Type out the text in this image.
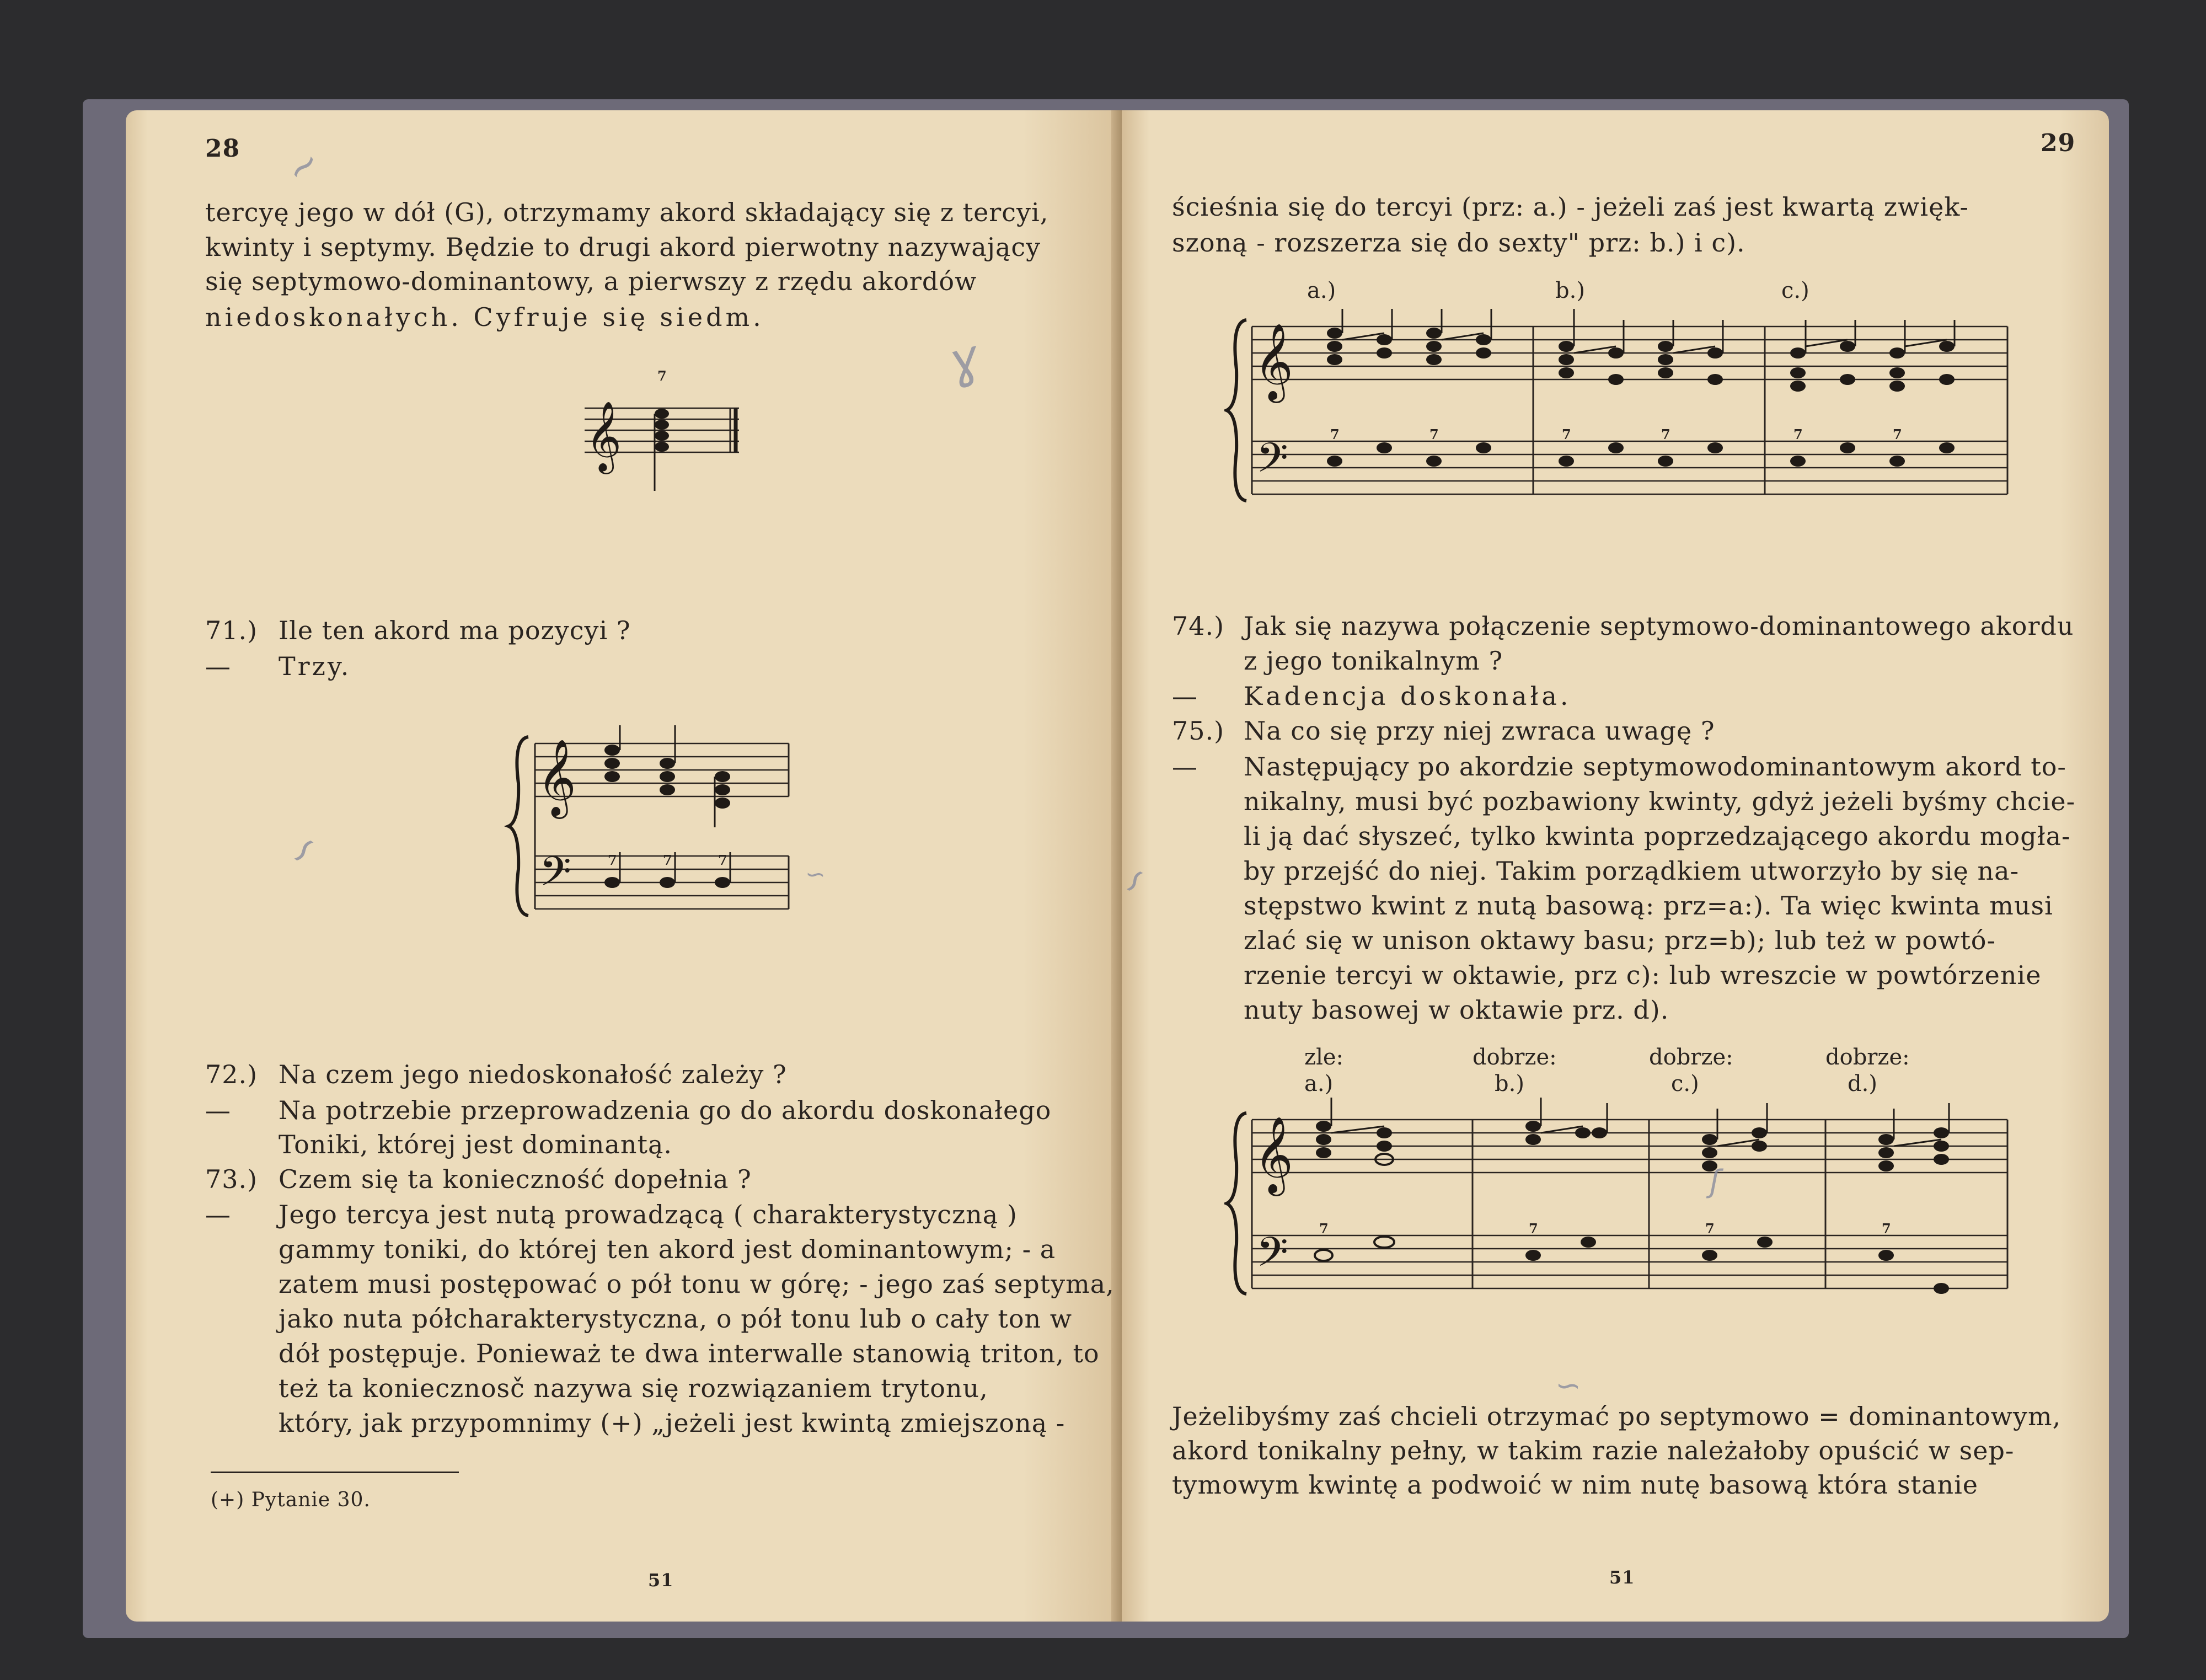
28
tercyę jego w dół (G), otrzymamy akord składający się z tercyi,
kwinty i septymy. Będzie to drugi akord pierwotny nazywający
się septymowo-dominantowy, a pierwszy z rzędu akordów
niedoskonałych. Cyfruje się siedm.
𝄞
7
71.) Ile ten akord ma pozycyi ?
— Trzy.
𝄞
𝄢	7	7	7
72.) Na czem jego niedoskonałość zależy ?
— Na potrzebie przeprowadzenia go do akordu doskonałego
Toniki, której jest dominantą.
73.) Czem się ta konieczność dopełnia ?
— Jego tercya jest nutą prowadzącą ( charakterystyczną )
gammy toniki, do której ten akord jest dominantowym; - a
zatem musi postępować o pół tonu w górę; - jego zaś septyma,
jako nuta półcharakterystyczna, o pół tonu lub o cały ton w
dół postępuje. Ponieważ te dwa interwalle stanowią triton, to
też ta koniecznosč nazywa się rozwiązaniem trytonu,
który, jak przypomnimy (+) „jeżeli jest kwintą zmiejszoną -
(+) Pytanie 30.
51
~
ɣ
∽	∽
29
ścieśnia się do tercyi (prz: a.) - jeżeli zaś jest kwartą zwięk-
szoną - rozszerza się do sexty" prz: b.) i c).
a.)	b.)	c.)
𝄞
𝄢	7	7	7	7	7	7
74.) Jak się nazywa połączenie septymowo-dominantowego akordu
z jego tonikalnym ?
— Kadencja doskonała.
75.) Na co się przy niej zwraca uwagę ?
— Następujący po akordzie septymowodominantowym akord to-
nikalny, musi być pozbawiony kwinty, gdyż jeżeli byśmy chcie-
li ją dać słyszeć, tylko kwinta poprzedzającego akordu mogła-
by przejść do niej. Takim porządkiem utworzyło by się na-
stępstwo kwint z nutą basową: prz=a:). Ta więc kwinta musi
zlać się w unison oktawy basu; prz=b); lub też w powtó-
rzenie tercyi w oktawie, prz c): lub wreszcie w powtórzenie
nuty basowej w oktawie prz. d).
zle:
a.)
dobrze:
b.)
dobrze:
c.)
dobrze:
d.)
𝄞
𝄢 7	7	7	7
Jeżelibyśmy zaś chcieli otrzymać po septymowo = dominantowym,
akord tonikalny pełny, w takim razie należałoby opuścić w sep-
tymowym kwintę a podwoić w nim nutę basową która stanie
51
∽
ʃ
∽
